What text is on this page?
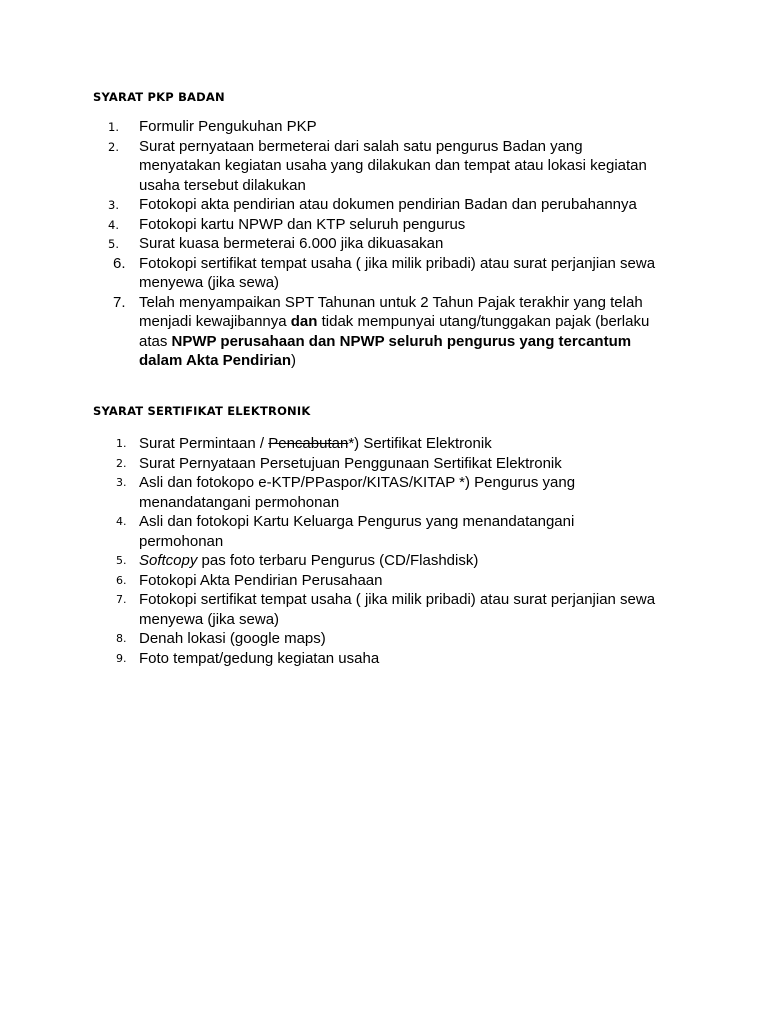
SYARAT PKP BADAN
1.	Formulir Pengukuhan PKP
2.	Surat pernyataan bermeterai dari salah satu pengurus Badan yang
menyatakan kegiatan usaha yang dilakukan dan tempat atau lokasi kegiatan
usaha tersebut dilakukan
3.	Fotokopi akta pendirian atau dokumen pendirian Badan dan perubahannya
4.	Fotokopi kartu NPWP dan KTP seluruh pengurus
5.	Surat kuasa bermeterai 6.000 jika dikuasakan
6. Fotokopi sertifikat tempat usaha ( jika milik pribadi) atau surat perjanjian sewa
menyewa (jika sewa)
7. Telah menyampaikan SPT Tahunan untuk 2 Tahun Pajak terakhir yang telah
menjadi kewajibannya dan tidak mempunyai utang/tunggakan pajak (berlaku
atas NPWP perusahaan dan NPWP seluruh pengurus yang tercantum
dalam Akta Pendirian)
SYARAT SERTIFIKAT ELEKTRONIK
1. Surat Permintaan / Pencabutan*) Sertifikat Elektronik
2. Surat Pernyataan Persetujuan Penggunaan Sertifikat Elektronik
3. Asli dan fotokopo e-KTP/PPaspor/KITAS/KITAP *) Pengurus yang
menandatangani permohonan
4. Asli dan fotokopi Kartu Keluarga Pengurus yang menandatangani
permohonan
5. Softcopy pas foto terbaru Pengurus (CD/Flashdisk)
6. Fotokopi Akta Pendirian Perusahaan
7. Fotokopi sertifikat tempat usaha ( jika milik pribadi) atau surat perjanjian sewa
menyewa (jika sewa)
8. Denah lokasi (google maps)
9. Foto tempat/gedung kegiatan usaha
